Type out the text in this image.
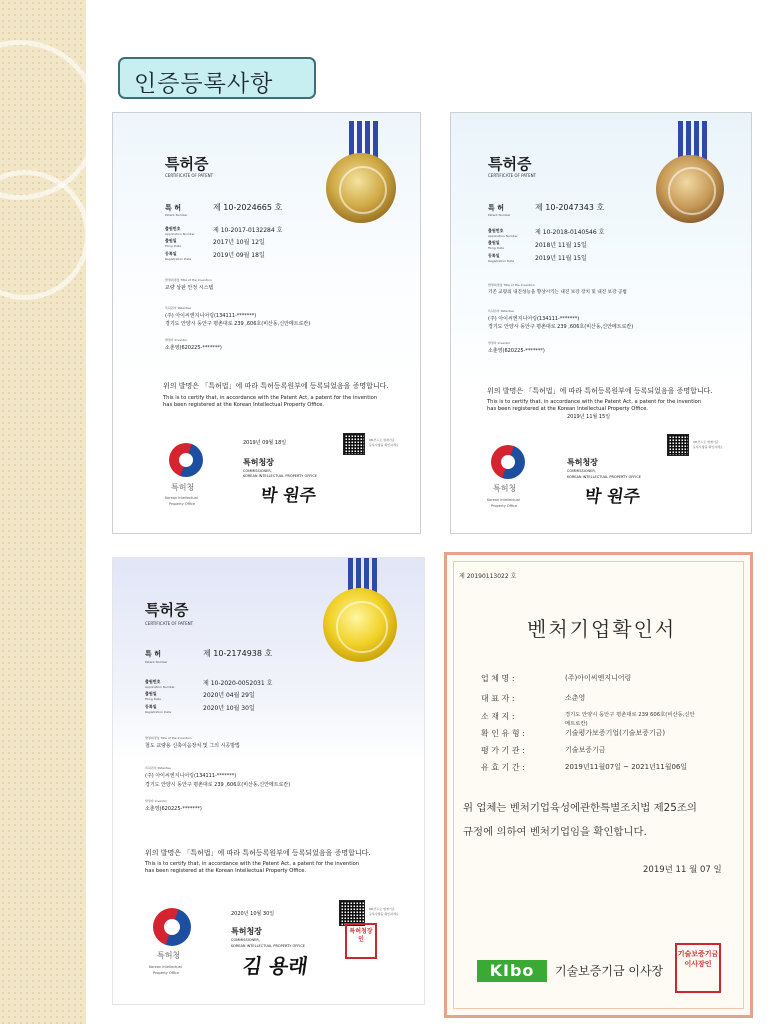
인증등록사항
특허증
CERTIFICATE OF PATENT
특 허	제 10-2024665 호
Patent Number
출원번호	제 10-2017-0132284 호
Application Number
출원일	2017년 10월 12일
Filing Date
등록일	2019년 09월 18일
Registration Date
발명의명칭 Title of the Invention
교량 상판 안정 시스템
특허권자 Patentee
(주) 아이씨엔지니어링(134111-*******)
경기도 안양시 동안구 평촌대로 239 ,606호(비산동,신안메트로칸)
발명자 Inventor
소춘영(620225-*******)
위의 발명은 「특허법」에 따라 특허등록원부에 등록되었음을 증명합니다.
This is to certify that, in accordance with the Patent Act, a patent for the invention
has been registered at the Korean Intellectual Property Office.
2019년 09월 18일	QR코드로 현재기준
등록사항을 확인하세요
특허청
Korean Intellectual
Property Office
특허청장
COMMISSIONER,
KOREAN INTELLECTUAL PROPERTY OFFICE
박 원주
특허증
CERTIFICATE OF PATENT
특 허	제 10-2047343 호
Patent Number
출원번호	제 10-2018-0140546 호
Application Number
출원일	2018년 11월 15일
Filing Date
등록일	2019년 11월 15일
Registration Date
발명의명칭 Title of the Invention
기존 교량의 내진성능을 향상시키는 내진 보강 장치 및 내진 보강 공법
특허권자 Patentee
(주) 아이씨엔지니어링(134111-*******)
경기도 안양시 동안구 평촌대로 239 ,606호(비산동,신안메트로칸)
발명자 Inventor
소춘영(620225-*******)
위의 발명은 「특허법」에 따라 특허등록원부에 등록되었음을 증명합니다.
This is to certify that, in accordance with the Patent Act, a patent for the invention
has been registered at the Korean Intellectual Property Office.
2019년 11월 15일
QR코드로 현재기준
등록사항을 확인하세요
특허청
Korean Intellectual
Property Office
특허청장
COMMISSIONER,
KOREAN INTELLECTUAL PROPERTY OFFICE
박 원주
특허증
CERTIFICATE OF PATENT
특 허	제 10-2174938 호
Patent Number
출원번호	제 10-2020-0052031 호
Application Number
출원일	2020년 04월 29일
Filing Date
등록일	2020년 10월 30일
Registration Date
발명의명칭 Title of the Invention
철도 교량용 신축이음장치 및 그의 시공방법
특허권자 Patentee
(주) 아이씨엔지니어링(134111-*******)
경기도 안양시 동안구 평촌대로 239 ,606호(비산동,신안메트로칸)
발명자 Inventor
소춘영(620225-*******)
위의 발명은 「특허법」에 따라 특허등록원부에 등록되었음을 증명합니다.
This is to certify that, in accordance with the Patent Act, a patent for the invention
has been registered at the Korean Intellectual Property Office.
2020년 10월 30일
QR코드로 현재기준
등록사항을 확인하세요
특허청
Korean Intellectual
Property Office
특허청장
COMMISSIONER,
KOREAN INTELLECTUAL PROPERTY OFFICE
김 용래
특허청장인
제 20190113022 호
벤처기업확인서
업 체 명 :	(주)아이씨엔지니어링
대 표 자 :	소춘영
소 재 지 :	경기도 안양시 동안구 평촌대로 239 606호(비산동,신안
메트로칸)
확 인 유 형 :	기술평가보증기업(기술보증기금)
평 가 기 관 :	기술보증기금
유 효 기 간 :	2019년11월07일 ~ 2021년11월06일
위 업체는 벤처기업육성에관한특별조치법 제25조의
규정에 의하여 벤처기업임을 확인합니다.
2019년 11 월 07 일
KIbo	기술보증기금 이사장
기술보증기금이사장인
